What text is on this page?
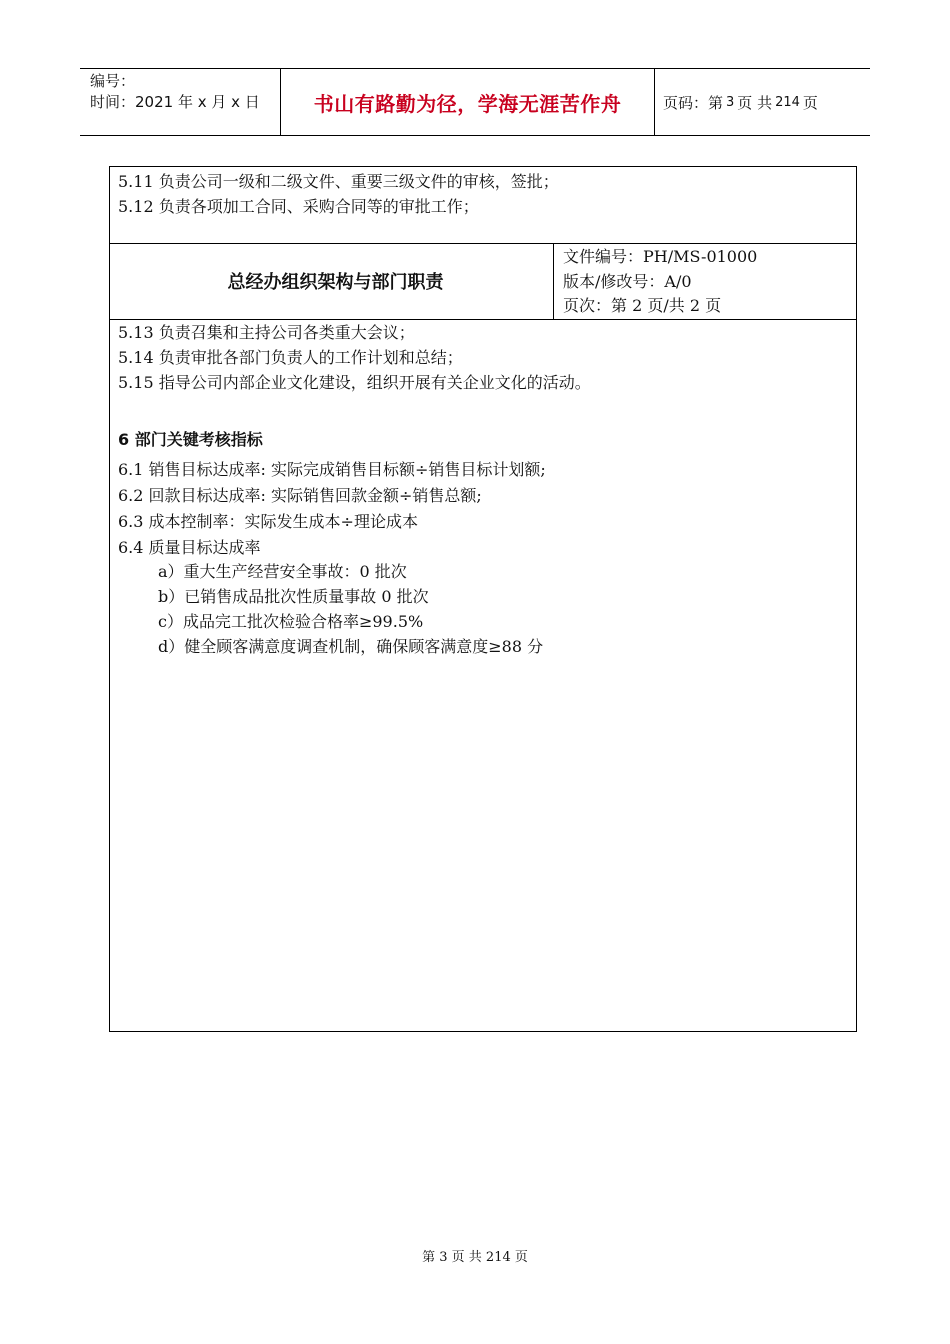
编号：
时间：2021 年 x 月 x 日	书山有路勤为径，学海无涯苦作舟	页码：第 3 页 共 214 页
5.11 负责公司一级和二级文件、重要三级文件的审核，签批；
5.12 负责各项加工合同、采购合同等的审批工作；
总经办组织架构与部门职责
文件编号：PH/MS-01000
版本/修改号：A/0
页次：第 2 页/共 2 页
5.13 负责召集和主持公司各类重大会议；
5.14 负责审批各部门负责人的工作计划和总结；
5.15 指导公司内部企业文化建设，组织开展有关企业文化的活动。
6 部门关键考核指标
6.1 销售目标达成率: 实际完成销售目标额÷销售目标计划额;
6.2 回款目标达成率: 实际销售回款金额÷销售总额;
6.3 成本控制率：实际发生成本÷理论成本
6.4 质量目标达成率
a）重大生产经营安全事故：0 批次
b）已销售成品批次性质量事故 0 批次
c）成品完工批次检验合格率≥99.5%
d）健全顾客满意度调查机制，确保顾客满意度≥88 分
第 3 页 共 214 页
